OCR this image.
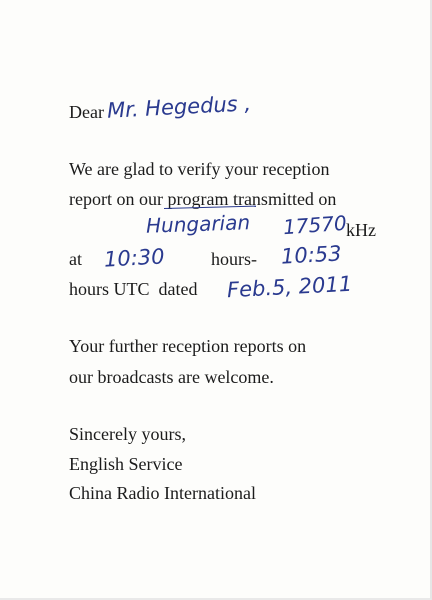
Dear Mr. Hegedus ,
We are glad to verify your reception
report on our program transmitted on
Hungarian 17570
kHz
at 10:30	hours- 10:53
hours UTC  dated Feb.5, 2011
Your further reception reports on
our broadcasts are welcome.
Sincerely yours,
English Service
China Radio International
